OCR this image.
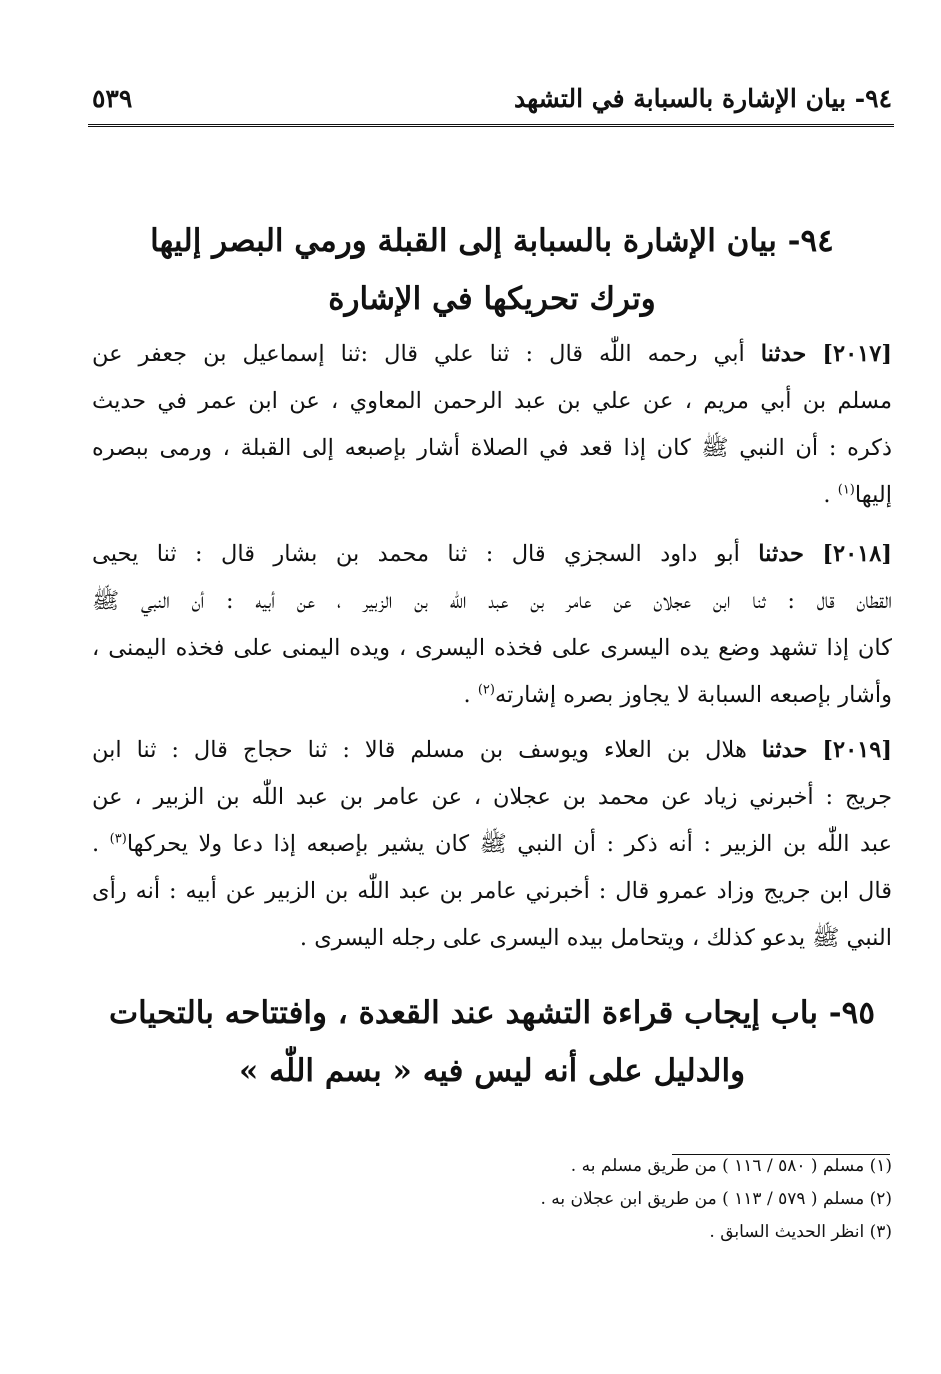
٩٤- بيان الإشارة بالسبابة في التشهد
٥٣٩
٩٤- بيان الإشارة بالسبابة إلى القبلة ورمي البصر إليها
وترك تحريكها في الإشارة
[٢٠١٧] حدثنا أبي رحمه اللّٰه قال : ثنا علي قال :ثنا إسماعيل بن جعفر عن
مسلم بن أبي مريم ، عن علي بن عبد الرحمن المعاوي ، عن ابن عمر في حديث
ذكره : أن النبي ﷺ كان إذا قعد في الصلاة أشار بإصبعه إلى القبلة ، ورمى ببصره
إليها$^{(١)}$ .
[٢٠١٨] حدثنا أبو داود السجزي قال : ثنا محمد بن بشار قال : ثنا يحيى
القطان قال : ثنا ابن عجلان عن عامر بن عبد اللّٰه بن الزبير ، عن أبيه : أن النبي ﷺ
كان إذا تشهد وضع يده اليسرى على فخذه اليسرى ، ويده اليمنى على فخذه اليمنى ،
وأشار بإصبعه السبابة لا يجاوز بصره إشارته$^{(٢)}$ .
[٢٠١٩] حدثنا هلال بن العلاء ويوسف بن مسلم قالا : ثنا حجاج قال : ثنا ابن
جريج : أخبرني زياد عن محمد بن عجلان ، عن عامر بن عبد اللّٰه بن الزبير ، عن
عبد اللّٰه بن الزبير : أنه ذكر : أن النبي ﷺ كان يشير بإصبعه إذا دعا ولا يحركها$^{(٣)}$ .
قال ابن جريج وزاد عمرو قال : أخبرني عامر بن عبد اللّٰه بن الزبير عن أبيه : أنه رأى
النبي ﷺ يدعو كذلك ، ويتحامل بيده اليسرى على رجله اليسرى .
٩٥- باب إيجاب قراءة التشهد عند القعدة ، وافتتاحه بالتحيات
والدليل على أنه ليس فيه « بسم اللّٰه »
(١) مسلم ( ٥٨٠ / ١١٦ ) من طريق مسلم به .
(٢) مسلم ( ٥٧٩ / ١١٣ ) من طريق ابن عجلان به .
(٣) انظر الحديث السابق .
